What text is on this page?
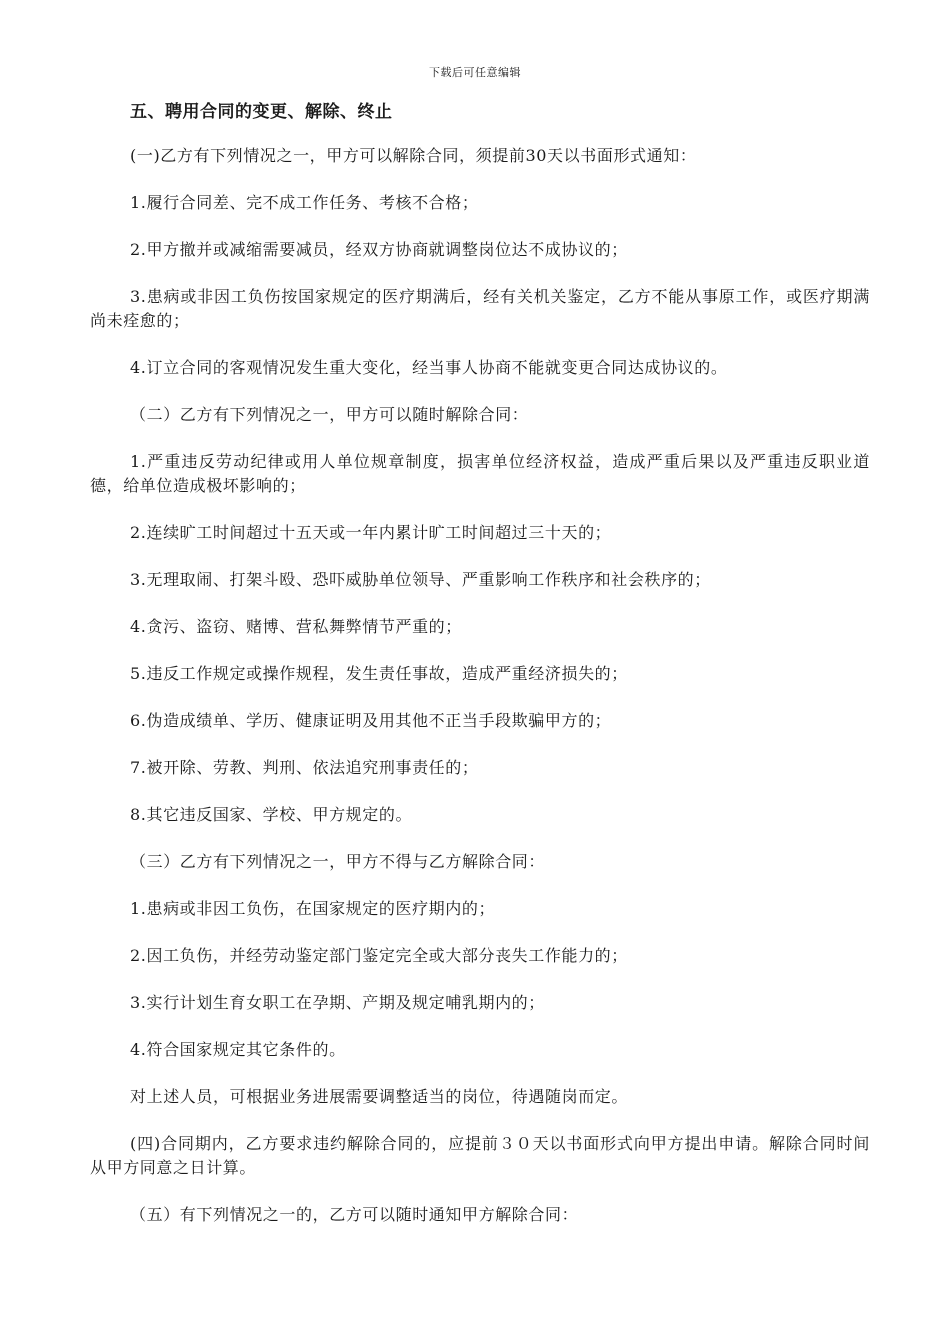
下载后可任意编辑
五、聘用合同的变更、解除、终止

(一)乙方有下列情况之一，甲方可以解除合同，须提前30天以书面形式通知：

1.履行合同差、完不成工作任务、考核不合格；

2.甲方撤并或减缩需要减员，经双方协商就调整岗位达不成协议的；

3.患病或非因工负伤按国家规定的医疗期满后，经有关机关鉴定，乙方不能从事原工作，或医疗期满尚未痊愈的；

4.订立合同的客观情况发生重大变化，经当事人协商不能就变更合同达成协议的。

（二）乙方有下列情况之一，甲方可以随时解除合同：

1.严重违反劳动纪律或用人单位规章制度，损害单位经济权益，造成严重后果以及严重违反职业道德，给单位造成极坏影响的；

2.连续旷工时间超过十五天或一年内累计旷工时间超过三十天的；

3.无理取闹、打架斗殴、恐吓威胁单位领导、严重影响工作秩序和社会秩序的；

4.贪污、盗窃、赌博、营私舞弊情节严重的；

5.违反工作规定或操作规程，发生责任事故，造成严重经济损失的；

6.伪造成绩单、学历、健康证明及用其他不正当手段欺骗甲方的；

7.被开除、劳教、判刑、依法追究刑事责任的；

8.其它违反国家、学校、甲方规定的。

（三）乙方有下列情况之一，甲方不得与乙方解除合同：

1.患病或非因工负伤，在国家规定的医疗期内的；

2.因工负伤，并经劳动鉴定部门鉴定完全或大部分丧失工作能力的；

3.实行计划生育女职工在孕期、产期及规定哺乳期内的；

4.符合国家规定其它条件的。

对上述人员，可根据业务进展需要调整适当的岗位，待遇随岗而定。

(四)合同期内，乙方要求违约解除合同的，应提前３０天以书面形式向甲方提出申请。解除合同时间从甲方同意之日计算。

（五）有下列情况之一的，乙方可以随时通知甲方解除合同：
